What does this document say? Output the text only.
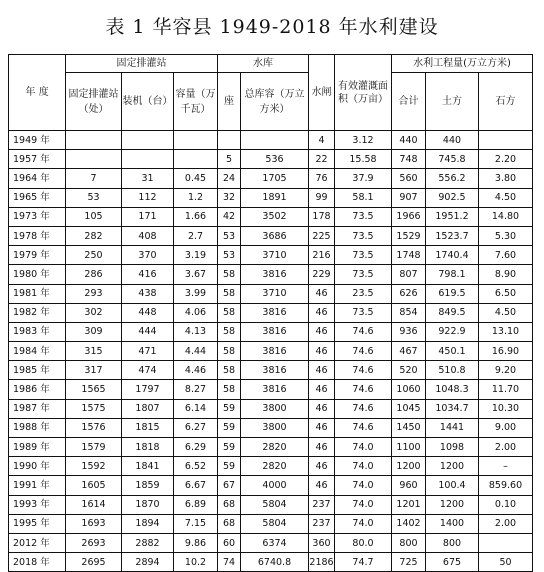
表 1 华容县 1949-2018 年水利建设
年 度	固定排灌站			水库		水闸	有效灌溉面积（万亩）	水利工程量(万立方米)		
	固定排灌站（处）	装机（台）	容量（万千瓦）	座	总库容（万立方米）			合计	土方	石方
1949 年						4	3.12	440	440	
1957 年				5	536	22	15.58	748	745.8	2.20
1964 年	7	31	0.45	24	1705	76	37.9	560	556.2	3.80
1965 年	53	112	1.2	32	1891	99	58.1	907	902.5	4.50
1973 年	105	171	1.66	42	3502	178	73.5	1966	1951.2	14.80
1978 年	282	408	2.7	53	3686	225	73.5	1529	1523.7	5.30
1979 年	250	370	3.19	53	3710	216	73.5	1748	1740.4	7.60
1980 年	286	416	3.67	58	3816	229	73.5	807	798.1	8.90
1981 年	293	438	3.99	58	3710	46	23.5	626	619.5	6.50
1982 年	302	448	4.06	58	3816	46	73.5	854	849.5	4.50
1983 年	309	444	4.13	58	3816	46	74.6	936	922.9	13.10
1984 年	315	471	4.44	58	3816	46	74.6	467	450.1	16.90
1985 年	317	474	4.46	58	3816	46	74.6	520	510.8	9.20
1986 年	1565	1797	8.27	58	3816	46	74.6	1060	1048.3	11.70
1987 年	1575	1807	6.14	59	3800	46	74.6	1045	1034.7	10.30
1988 年	1576	1815	6.27	59	3800	46	74.6	1450	1441	9.00
1989 年	1579	1818	6.29	59	2820	46	74.0	1100	1098	2.00
1990 年	1592	1841	6.52	59	2820	46	74.0	1200	1200	–
1991 年	1605	1859	6.67	67	4000	46	74.0	960	100.4	859.60
1993 年	1614	1870	6.89	68	5804	237	74.0	1201	1200	0.10
1995 年	1693	1894	7.15	68	5804	237	74.0	1402	1400	2.00
2012 年	2693	2882	9.86	60	6374	360	80.0	800	800	
2018 年	2695	2894	10.2	74	6740.8	2186	74.7	725	675	50
